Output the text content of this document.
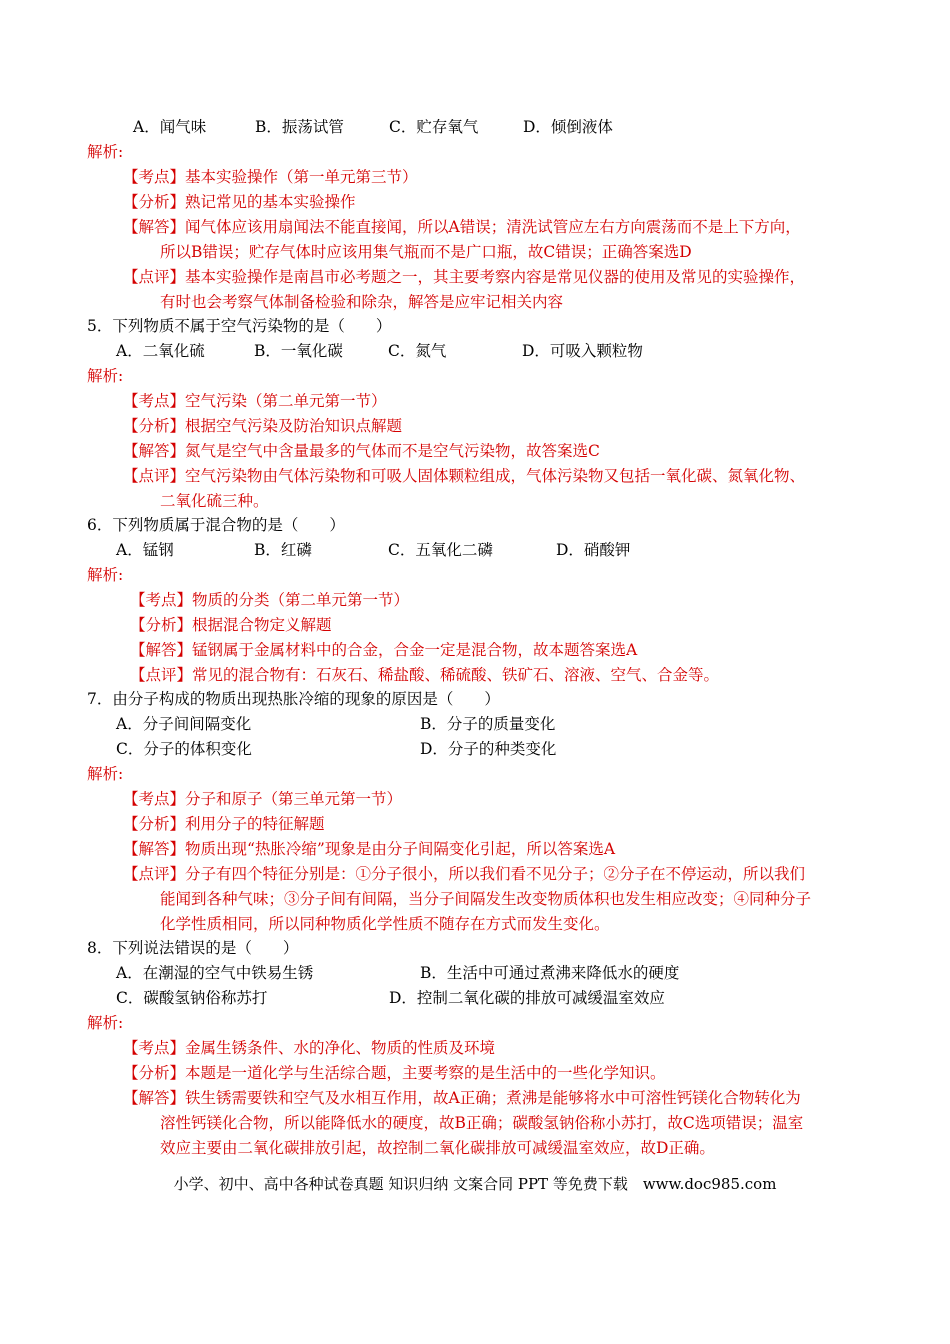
A．闻气味	B．振荡试管	C．贮存氧气	D．倾倒液体
解析:
【考点】基本实验操作（第一单元第三节）
【分析】熟记常见的基本实验操作
【解答】闻气体应该用扇闻法不能直接闻，所以A错误；清洗试管应左右方向震荡而不是上下方向，
所以B错误；贮存气体时应该用集气瓶而不是广口瓶，故C错误；正确答案选D
【点评】基本实验操作是南昌市必考题之一，其主要考察内容是常见仪器的使用及常见的实验操作，
有时也会考察气体制备检验和除杂，解答是应牢记相关内容
5．下列物质不属于空气污染物的是（　　）
A．二氧化硫	B．一氧化碳	C．氮气	D．可吸入颗粒物
解析:
【考点】空气污染（第二单元第一节）
【分析】根据空气污染及防治知识点解题
【解答】氮气是空气中含量最多的气体而不是空气污染物，故答案选C
【点评】空气污染物由气体污染物和可吸人固体颗粒组成，气体污染物又包括一氧化碳、氮氧化物、
二氧化硫三种。
6．下列物质属于混合物的是（　　）
A．锰钢	B．红磷	C．五氧化二磷	D．硝酸钾
解析:
【考点】物质的分类（第二单元第一节）
【分析】根据混合物定义解题
【解答】锰钢属于金属材料中的合金，合金一定是混合物，故本题答案选A
【点评】常见的混合物有：石灰石、稀盐酸、稀硫酸、铁矿石、溶液、空气、合金等。
7．由分子构成的物质出现热胀冷缩的现象的原因是（　　）
A．分子间间隔变化	B．分子的质量变化
C．分子的体积变化	D．分子的种类变化
解析:
【考点】分子和原子（第三单元第一节）
【分析】利用分子的特征解题
【解答】物质出现“热胀冷缩”现象是由分子间隔变化引起，所以答案选A
【点评】分子有四个特征分别是：①分子很小，所以我们看不见分子；②分子在不停运动，所以我们
能闻到各种气味；③分子间有间隔，当分子间隔发生改变物质体积也发生相应改变；④同种分子
化学性质相同，所以同种物质化学性质不随存在方式而发生变化。
8．下列说法错误的是（　　）
A．在潮湿的空气中铁易生锈	B．生活中可通过煮沸来降低水的硬度
C．碳酸氢钠俗称苏打	D．控制二氧化碳的排放可减缓温室效应
解析:
【考点】金属生锈条件、水的净化、物质的性质及环境
【分析】本题是一道化学与生活综合题，主要考察的是生活中的一些化学知识。
【解答】铁生锈需要铁和空气及水相互作用，故A正确；煮沸是能够将水中可溶性钙镁化合物转化为
溶性钙镁化合物，所以能降低水的硬度，故B正确；碳酸氢钠俗称小苏打，故C选项错误；温室
效应主要由二氧化碳排放引起，故控制二氧化碳排放可减缓温室效应，故D正确。
小学、初中、高中各种试卷真题 知识归纳 文案合同 PPT 等免费下载　www.doc985.com
